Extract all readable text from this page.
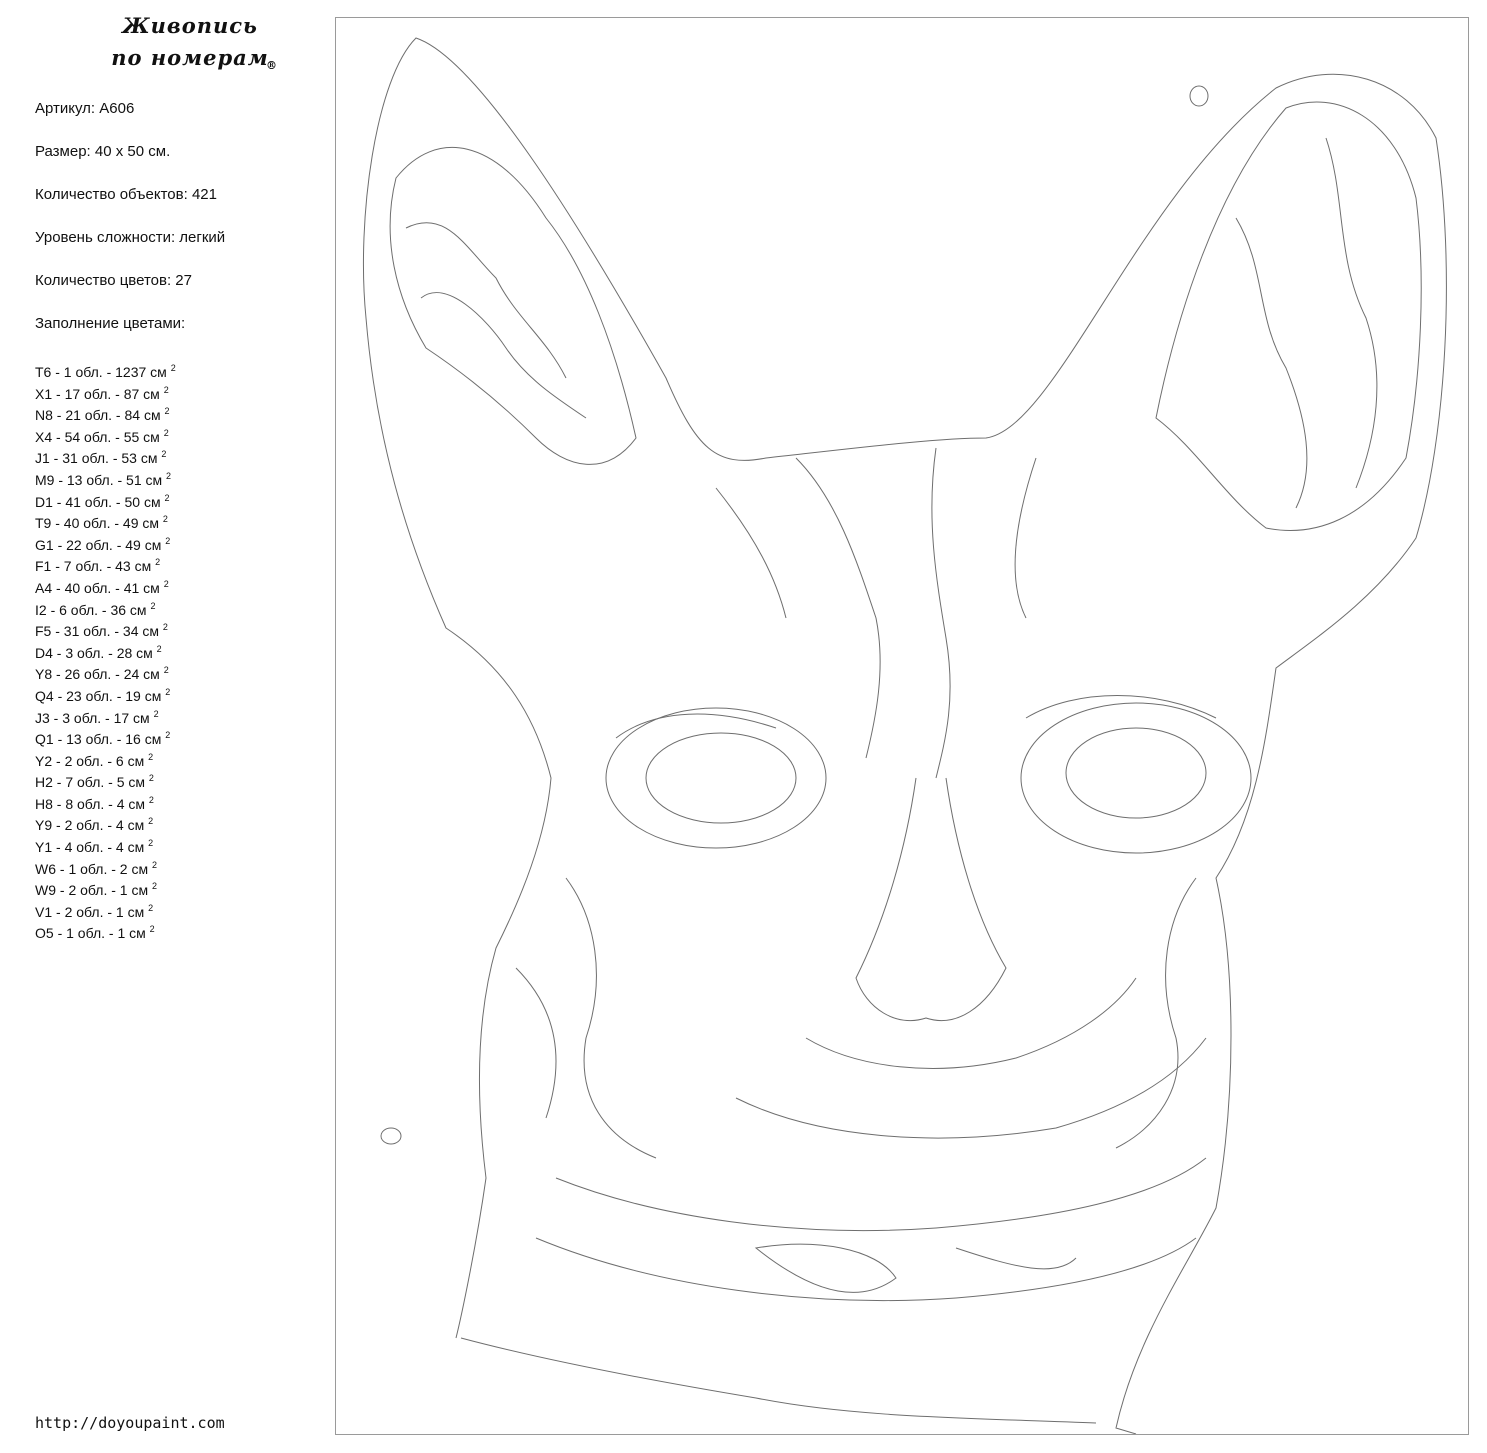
Живопись
по номерам
®
Артикул: А606
Размер: 40 х 50 см.
Количество объектов: 421
Уровень сложности: легкий
Количество цветов: 27
Заполнение цветами:
T6 - 1 обл. - 1237 см $^2$
X1 - 17 обл. - 87 см $^2$
N8 - 21 обл. - 84 см $^2$
X4 - 54 обл. - 55 см $^2$
J1 - 31 обл. - 53 см $^2$
M9 - 13 обл. - 51 см $^2$
D1 - 41 обл. - 50 см $^2$
T9 - 40 обл. - 49 см $^2$
G1 - 22 обл. - 49 см $^2$
F1 - 7 обл. - 43 см $^2$
A4 - 40 обл. - 41 см $^2$
I2 - 6 обл. - 36 см $^2$
F5 - 31 обл. - 34 см $^2$
D4 - 3 обл. - 28 см $^2$
Y8 - 26 обл. - 24 см $^2$
Q4 - 23 обл. - 19 см $^2$
J3 - 3 обл. - 17 см $^2$
Q1 - 13 обл. - 16 см $^2$
Y2 - 2 обл. - 6 см $^2$
H2 - 7 обл. - 5 см $^2$
H8 - 8 обл. - 4 см $^2$
Y9 - 2 обл. - 4 см $^2$
Y1 - 4 обл. - 4 см $^2$
W6 - 1 обл. - 2 см $^2$
W9 - 2 обл. - 1 см $^2$
V1 - 2 обл. - 1 см $^2$
O5 - 1 обл. - 1 см $^2$
http://doyoupaint.com
